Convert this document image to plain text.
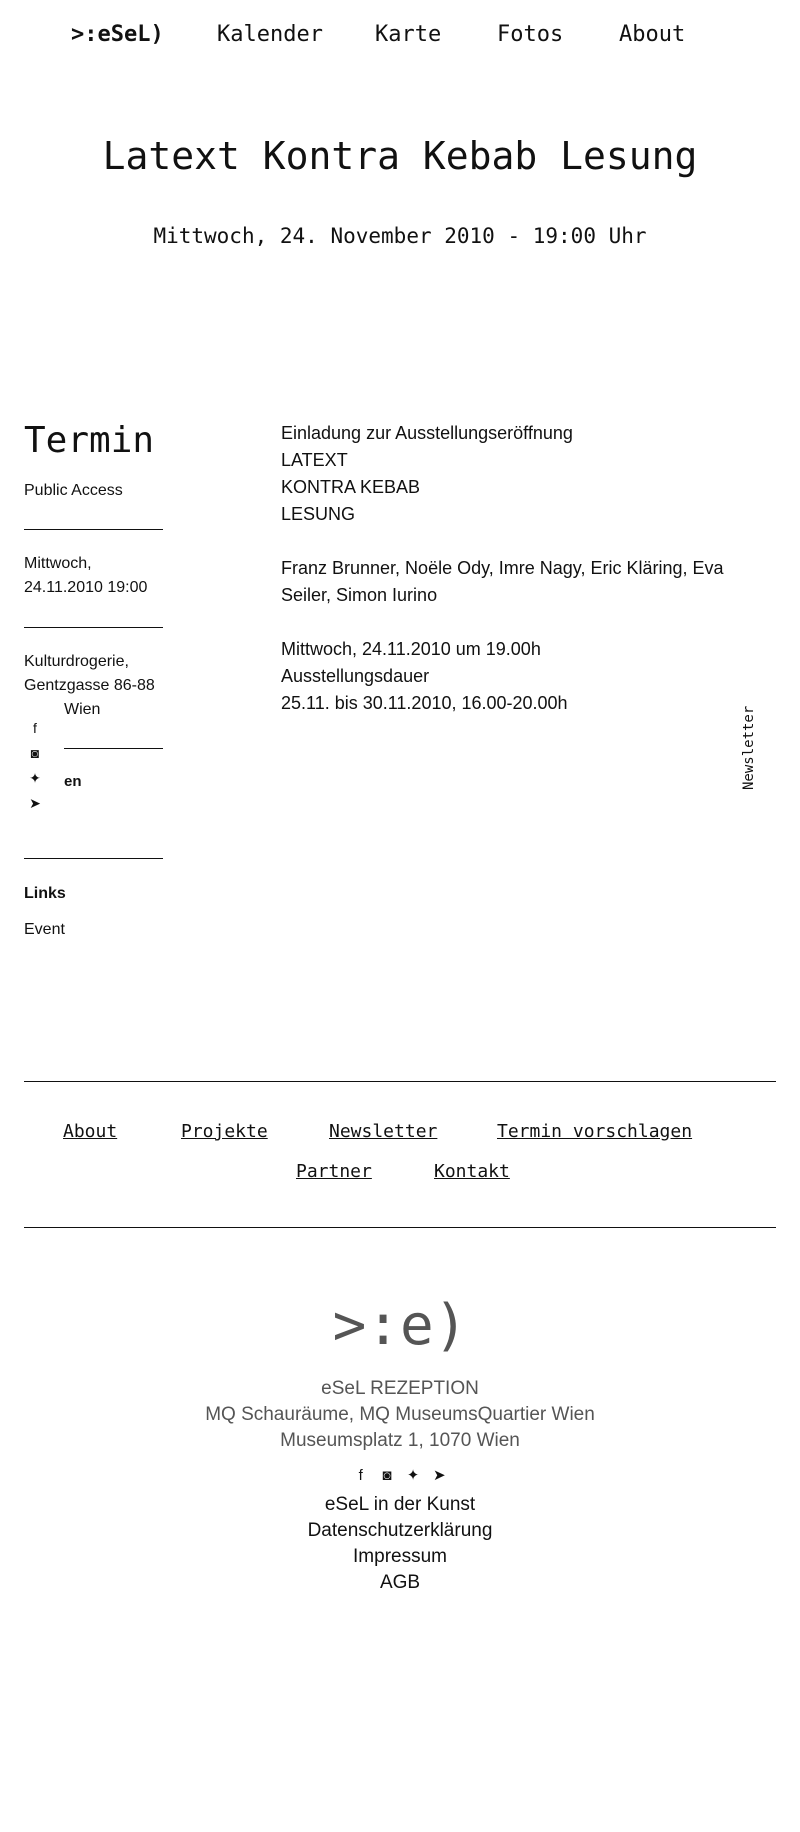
>:eSeL) Kalender Karte	Fotos	About
Latext Kontra Kebab Lesung
Mittwoch, 24. November 2010 - 19:00 Uhr
Termin
Public Access
Mittwoch,
24.11.2010 19:00
Kulturdrogerie,
Gentzgasse 86-88
Wien
f
◙
✦
➤
en
Links
Event

Einladung zur Ausstellungseröffnung
LATEXT
KONTRA KEBAB
LESUNG

Franz Brunner, Noële Ody, Imre Nagy, Eric Kläring, Eva Seiler, Simon Iurino

Mittwoch, 24.11.2010 um 19.00h
Ausstellungsdauer
25.11. bis 30.11.2010, 16.00-20.00h

Newsletter
About	Projekte	Newsletter	Termin vorschlagen
Partner	Kontakt
>:e)
eSeL REZEPTION
MQ Schauräume, MQ MuseumsQuartier Wien
Museumsplatz 1, 1070 Wien
f ◙ ✦ ➤
eSeL in der Kunst
Datenschutzerklärung
Impressum
AGB
